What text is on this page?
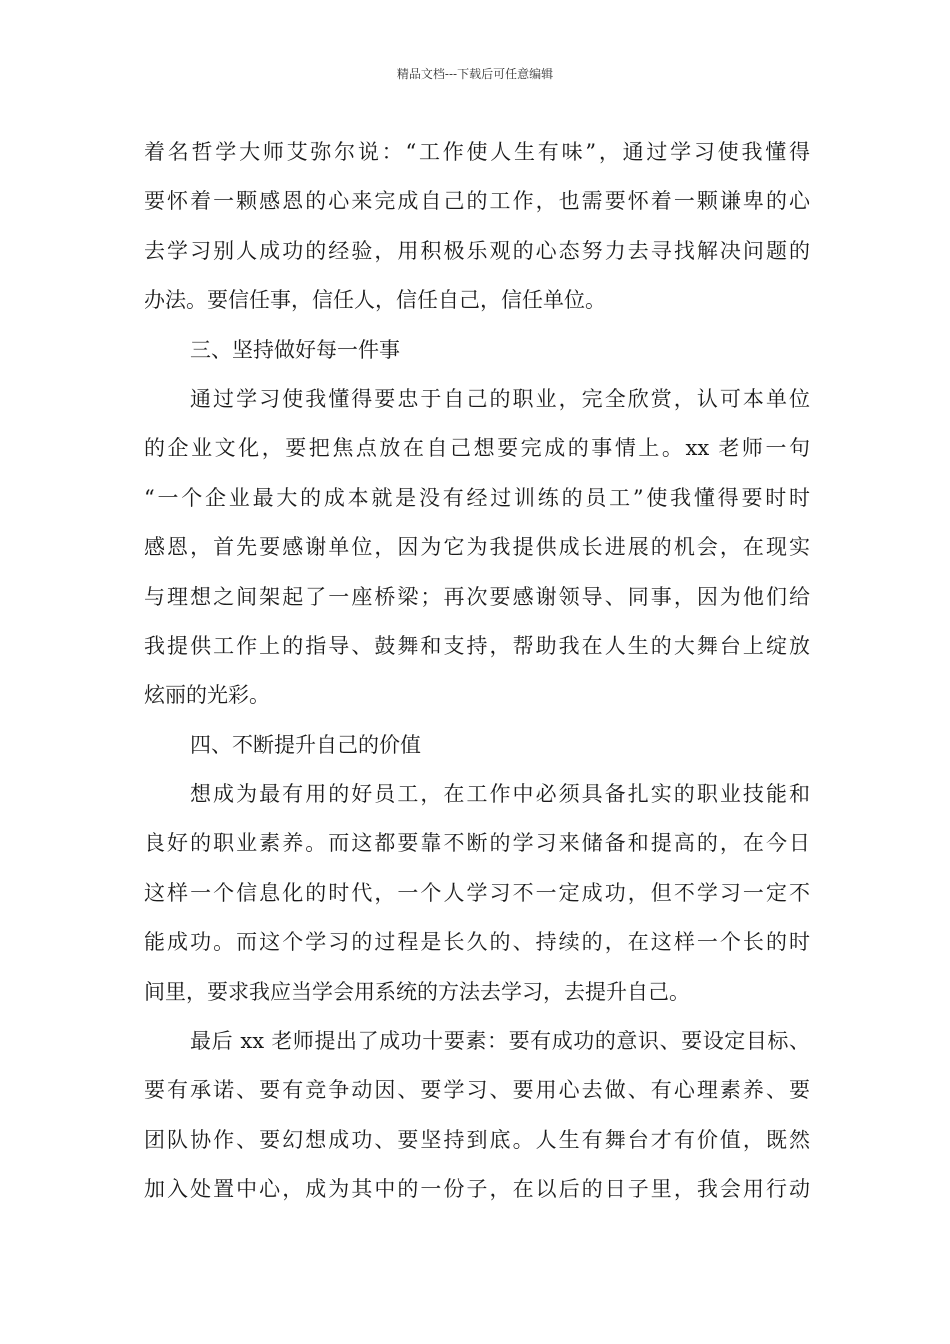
精品文档---下载后可任意编辑
着名哲学大师艾弥尔说：“工作使人生有味”，通过学习使我懂得
要怀着一颗感恩的心来完成自己的工作，也需要怀着一颗谦卑的心
去学习别人成功的经验，用积极乐观的心态努力去寻找解决问题的
办法。要信任事，信任人，信任自己，信任单位。
三、坚持做好每一件事
通过学习使我懂得要忠于自己的职业，完全欣赏，认可本单位
的企业文化，要把焦点放在自己想要完成的事情上。xx 老师一句
“一个企业最大的成本就是没有经过训练的员工”使我懂得要时时
感恩，首先要感谢单位，因为它为我提供成长进展的机会，在现实
与理想之间架起了一座桥梁；再次要感谢领导、同事，因为他们给
我提供工作上的指导、鼓舞和支持，帮助我在人生的大舞台上绽放
炫丽的光彩。
四、不断提升自己的价值
想成为最有用的好员工，在工作中必须具备扎实的职业技能和
良好的职业素养。而这都要靠不断的学习来储备和提高的，在今日
这样一个信息化的时代，一个人学习不一定成功，但不学习一定不
能成功。而这个学习的过程是长久的、持续的，在这样一个长的时
间里，要求我应当学会用系统的方法去学习，去提升自己。
最后 xx 老师提出了成功十要素：要有成功的意识、要设定目标、
要有承诺、要有竞争动因、要学习、要用心去做、有心理素养、要
团队协作、要幻想成功、要坚持到底。人生有舞台才有价值，既然
加入处置中心，成为其中的一份子，在以后的日子里，我会用行动
